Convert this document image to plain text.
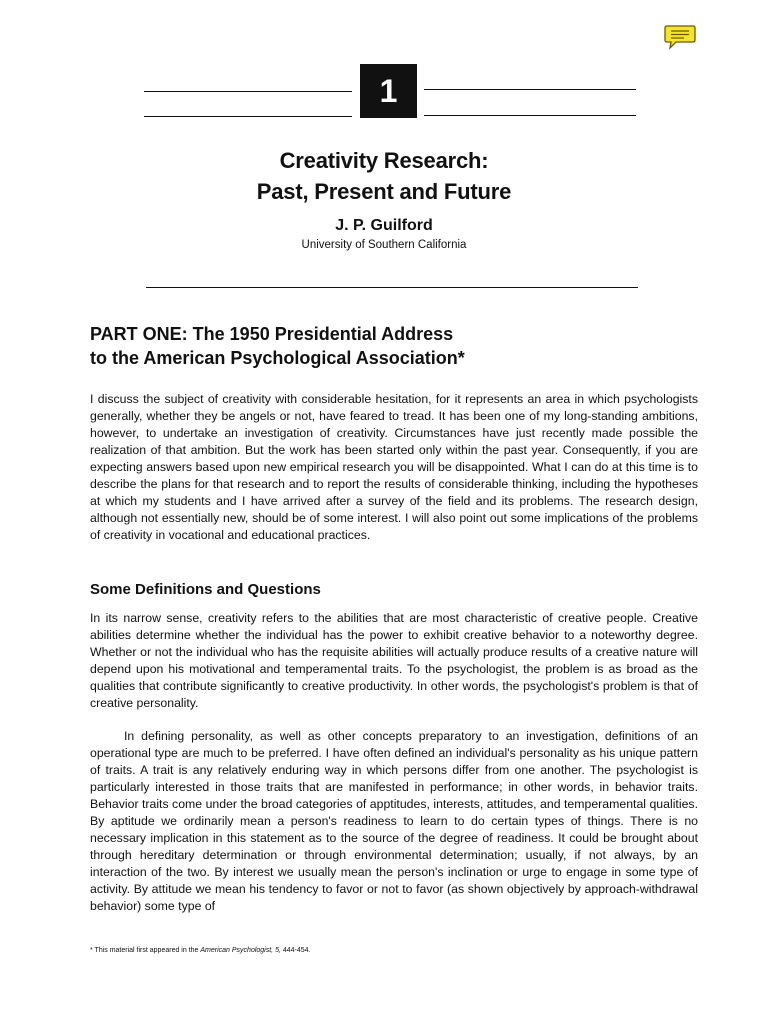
1
Creativity Research:
Past, Present and Future
J. P. Guilford
University of Southern California
PART ONE: The 1950 Presidential Address
to the American Psychological Association*

I discuss the subject of creativity with considerable hesitation, for it represents an area in which psychologists generally, whether they be angels or not, have feared to tread. It has been one of my long-standing ambitions, however, to undertake an investigation of creativity. Circumstances have just recently made possible the realization of that ambition. But the work has been started only within the past year. Consequently, if you are expecting answers based upon new empirical research you will be disappointed. What I can do at this time is to describe the plans for that research and to report the results of considerable thinking, including the hypotheses at which my students and I have arrived after a survey of the field and its problems. The research design, although not essentially new, should be of some interest. I will also point out some implications of the problems of creativity in vocational and educational practices.

Some Definitions and Questions

In its narrow sense, creativity refers to the abilities that are most characteristic of creative people. Creative abilities determine whether the individual has the power to exhibit creative behavior to a noteworthy degree. Whether or not the individual who has the requisite abilities will actually produce results of a creative nature will depend upon his motivational and temperamental traits. To the psychologist, the problem is as broad as the qualities that contribute significantly to creative productivity. In other words, the psychologist's problem is that of creative personality.

In defining personality, as well as other concepts preparatory to an investigation, definitions of an operational type are much to be preferred. I have often defined an individual's personality as his unique pattern of traits. A trait is any relatively enduring way in which persons differ from one another. The psychologist is particularly interested in those traits that are manifested in performance; in other words, in behavior traits. Behavior traits come under the broad categories of apptitudes, interests, attitudes, and temperamental qualities. By aptitude we ordinarily mean a person's readiness to learn to do certain types of things. There is no necessary implication in this statement as to the source of the degree of readiness. It could be brought about through hereditary determination or through environmental determination; usually, if not always, by an interaction of the two. By interest we usually mean the person's inclination or urge to engage in some type of activity. By attitude we mean his tendency to favor or not to favor (as shown objectively by approach-withdrawal behavior) some type of

* This material first appeared in the American Psychologist, 5, 444-454.
